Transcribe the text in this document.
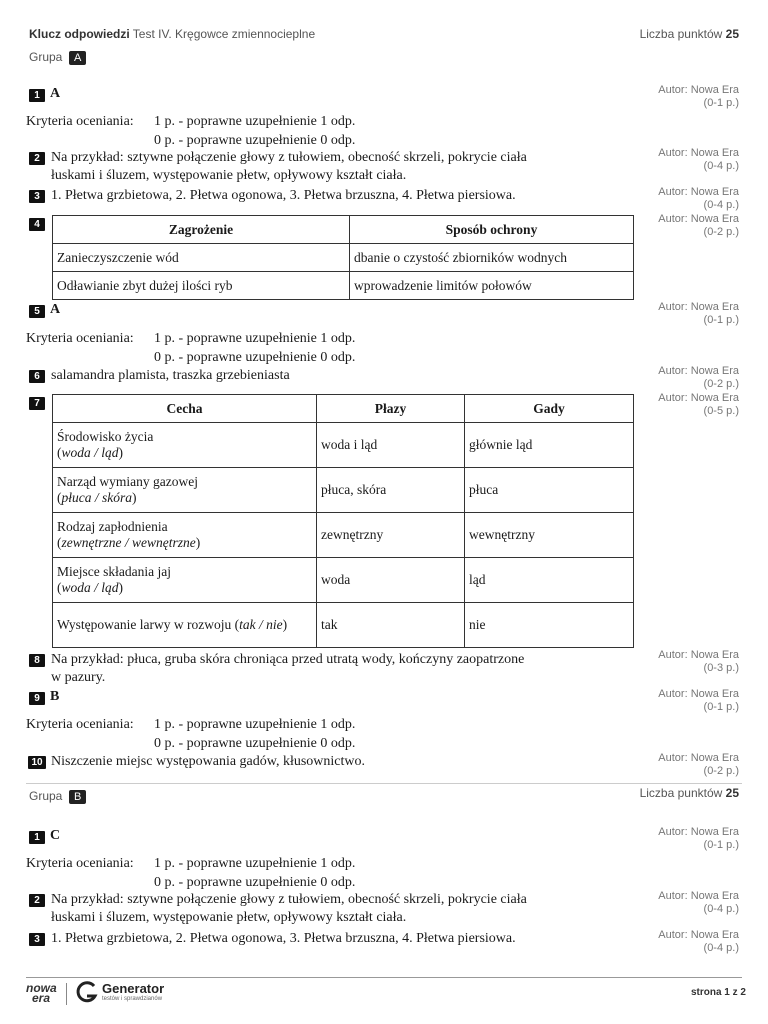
Klucz odpowiedzi Test IV. Kręgowce zmiennocieplne	Liczba punktów 25
Grupa A
1 A	Autor: Nowa Era
(0-1 p.)
Kryteria oceniania: 1 p. - poprawne uzupełnienie 1 odp.
0 p. - poprawne uzupełnienie 0 odp.
2 Na przykład: sztywne połączenie głowy z tułowiem, obecność skrzeli, pokrycie ciała
łuskami i śluzem, występowanie płetw, opływowy kształt ciała.
Autor: Nowa Era
(0-4 p.)
3 1. Płetwa grzbietowa, 2. Płetwa ogonowa, 3. Płetwa brzuszna, 4. Płetwa piersiowa.	Autor: Nowa Era
(0-4 p.)
4	Autor: Nowa Era
(0-2 p.)
Zagrożenie	Sposób ochrony
Zanieczyszczenie wód	dbanie o czystość zbiorników wodnych
Odławianie zbyt dużej ilości ryb	wprowadzenie limitów połowów
5 A	Autor: Nowa Era
(0-1 p.)
Kryteria oceniania: 1 p. - poprawne uzupełnienie 1 odp.
0 p. - poprawne uzupełnienie 0 odp.
6 salamandra plamista, traszka grzebieniasta	Autor: Nowa Era
(0-2 p.)
7	Autor: Nowa Era
(0-5 p.)
Cecha	Płazy	Gady
Środowisko życia
(woda / ląd)	woda i ląd	głównie ląd
Narząd wymiany gazowej
(płuca / skóra)	płuca, skóra	płuca
Rodzaj zapłodnienia
(zewnętrzne / wewnętrzne)	zewnętrzny	wewnętrzny
Miejsce składania jaj
(woda / ląd)	woda	ląd
Występowanie larwy w rozwoju (tak / nie)	tak	nie
8 Na przykład: płuca, gruba skóra chroniąca przed utratą wody, kończyny zaopatrzone
w pazury.
Autor: Nowa Era
(0-3 p.)
9 B	Autor: Nowa Era
(0-1 p.)
Kryteria oceniania: 1 p. - poprawne uzupełnienie 1 odp.
0 p. - poprawne uzupełnienie 0 odp.
10 Niszczenie miejsc występowania gadów, kłusownictwo.	Autor: Nowa Era
(0-2 p.)
Grupa B	Liczba punktów 25
1 C	Autor: Nowa Era
(0-1 p.)
Kryteria oceniania: 1 p. - poprawne uzupełnienie 1 odp.
0 p. - poprawne uzupełnienie 0 odp.
2 Na przykład: sztywne połączenie głowy z tułowiem, obecność skrzeli, pokrycie ciała
łuskami i śluzem, występowanie płetw, opływowy kształt ciała.
Autor: Nowa Era
(0-4 p.)
3 1. Płetwa grzbietowa, 2. Płetwa ogonowa, 3. Płetwa brzuszna, 4. Płetwa piersiowa.	Autor: Nowa Era
(0-4 p.)
nowa
era
Generator
testów i sprawdzianów
strona 1 z 2
